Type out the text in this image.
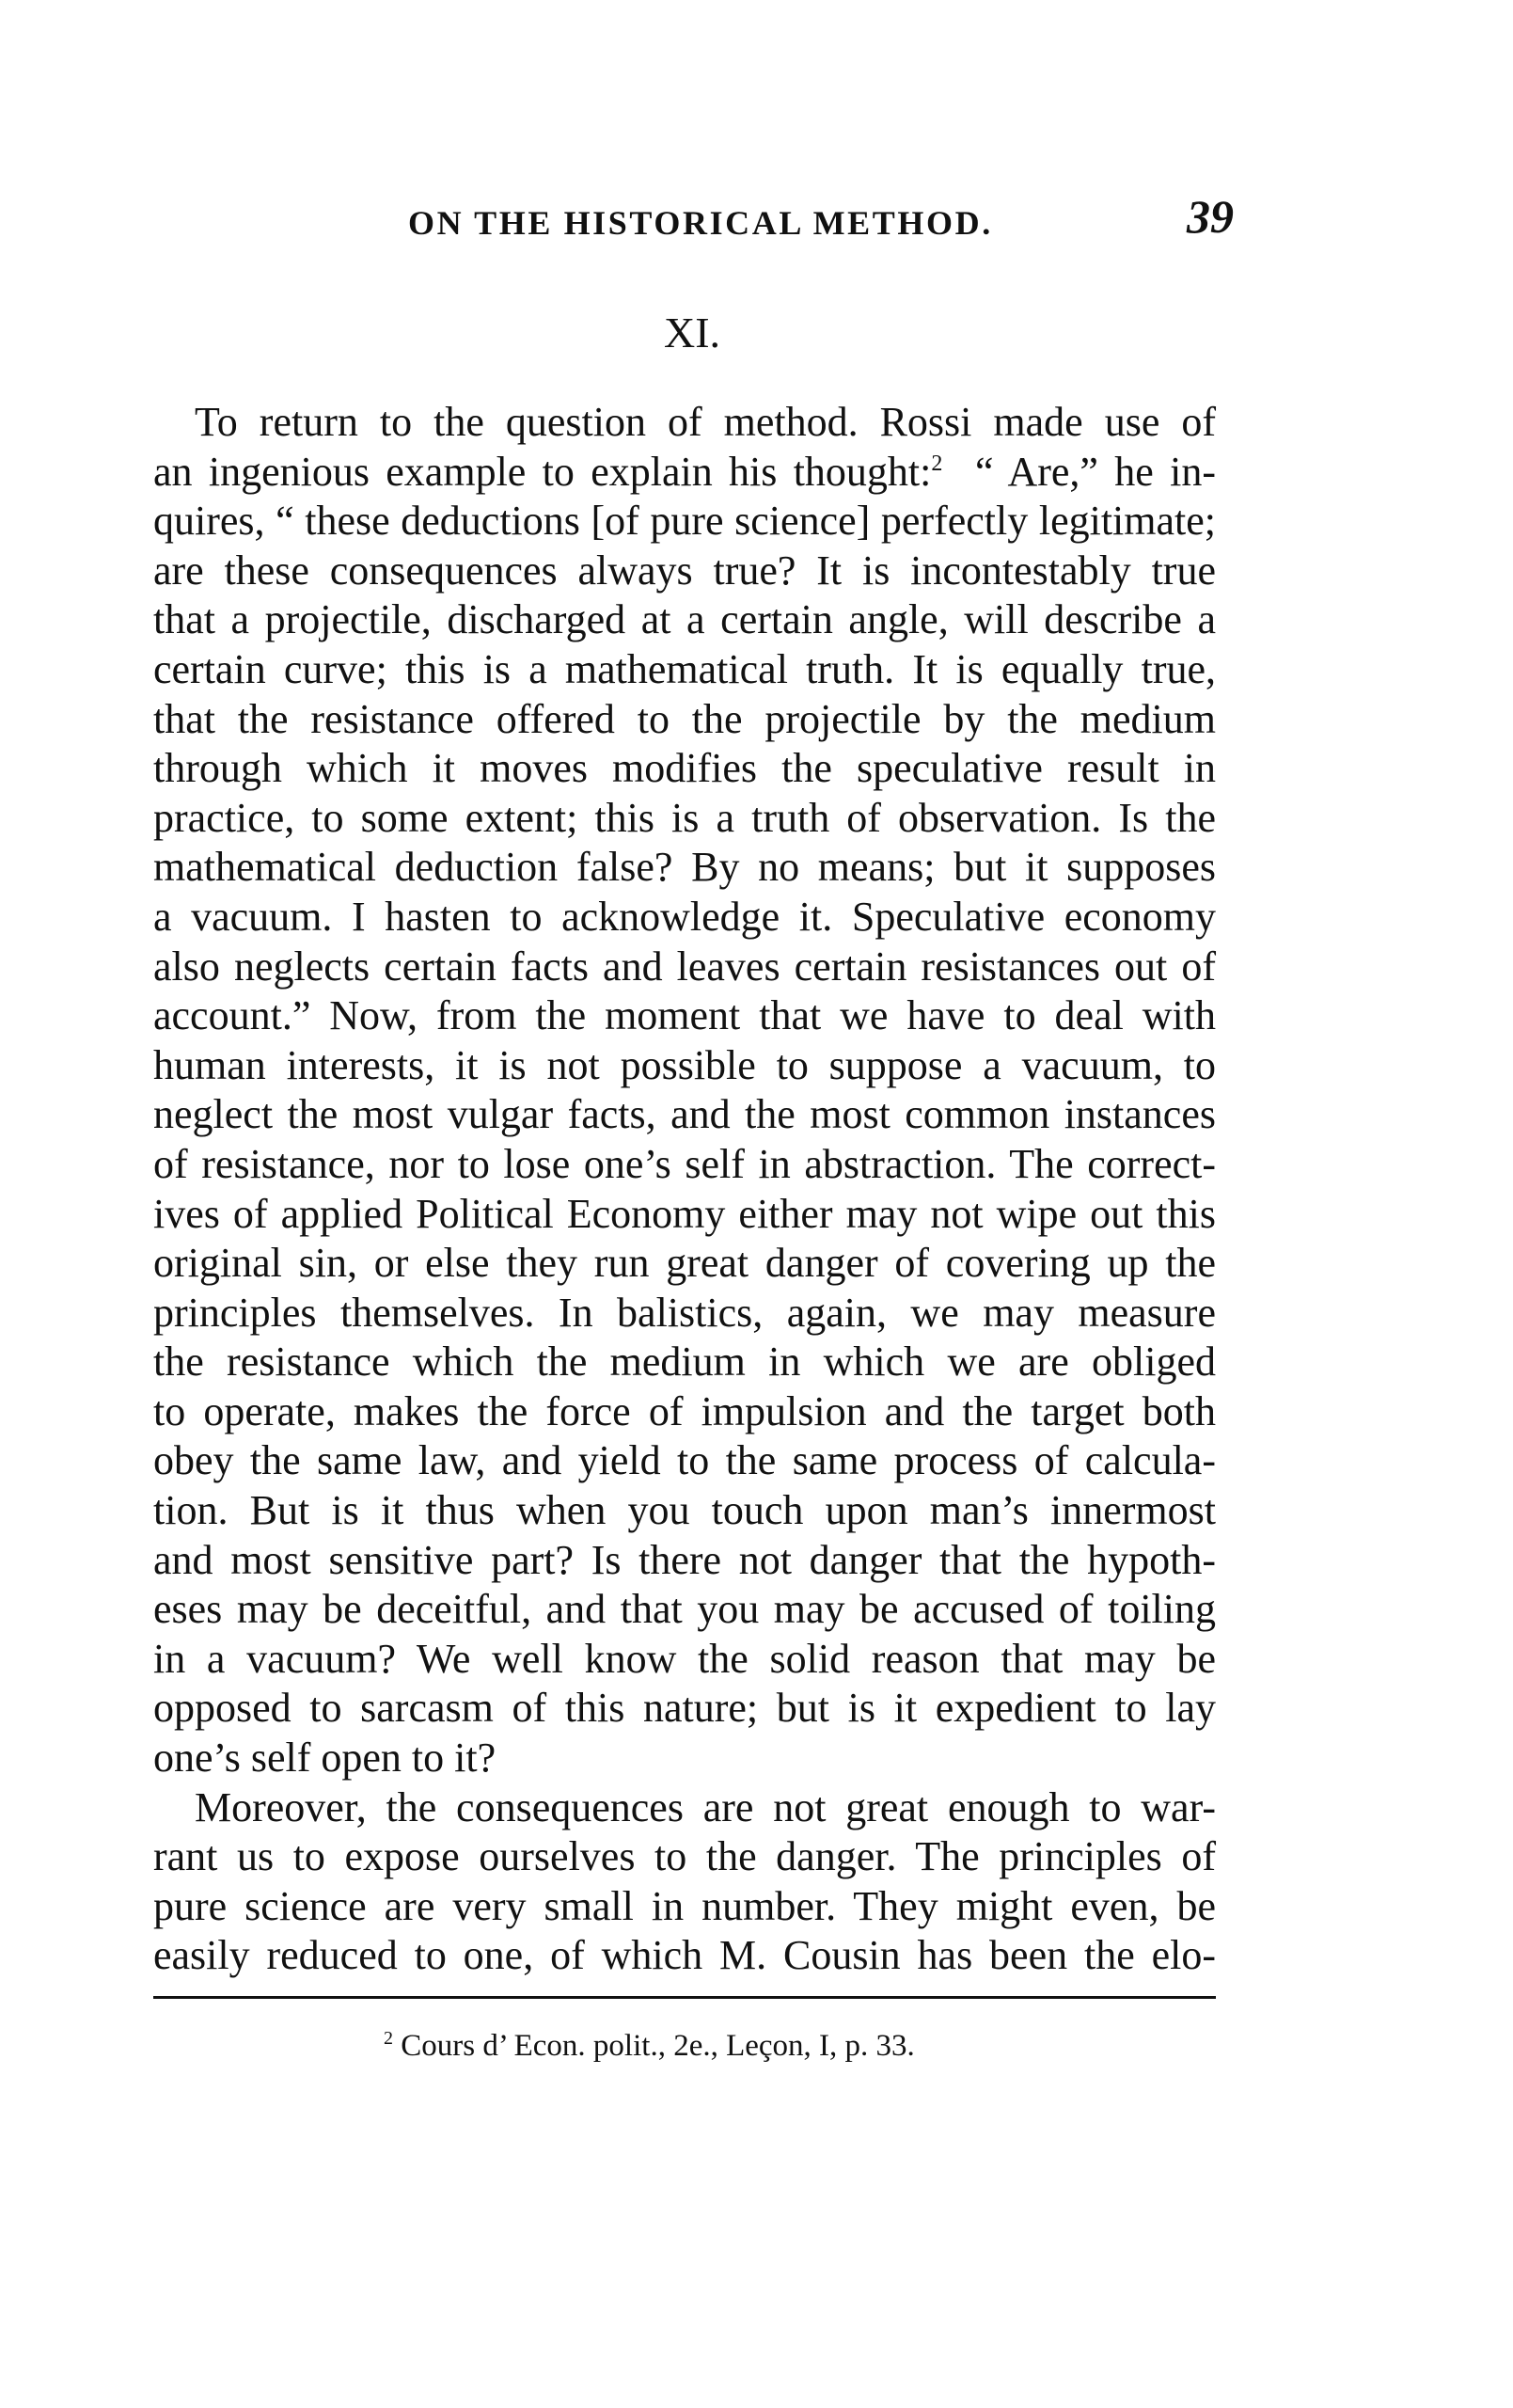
ON THE HISTORICAL METHOD.	39
XI.
To return to the question of method. Rossi made use of
an ingenious example to explain his thought:$^2$  “ Are,” he in-
quires, “ these deductions [of pure science] perfectly legitimate;
are these consequences always true? It is incontestably true
that a projectile, discharged at a certain angle, will describe a
certain curve; this is a mathematical truth. It is equally true,
that the resistance offered to the projectile by the medium
through which it moves modifies the speculative result in
practice, to some extent; this is a truth of observation. Is the
mathematical deduction false? By no means; but it supposes
a vacuum. I hasten to acknowledge it. Speculative economy
also neglects certain facts and leaves certain resistances out of
account.” Now, from the moment that we have to deal with
human interests, it is not possible to suppose a vacuum, to
neglect the most vulgar facts, and the most common instances
of resistance, nor to lose one’s self in abstraction. The correct-
ives of applied Political Economy either may not wipe out this
original sin, or else they run great danger of covering up the
principles themselves. In balistics, again, we may measure
the resistance which the medium in which we are obliged
to operate, makes the force of impulsion and the target both
obey the same law, and yield to the same process of calcula-
tion. But is it thus when you touch upon man’s innermost
and most sensitive part? Is there not danger that the hypoth-
eses may be deceitful, and that you may be accused of toiling
in a vacuum? We well know the solid reason that may be
opposed to sarcasm of this nature; but is it expedient to lay
one’s self open to it?
Moreover, the consequences are not great enough to war-
rant us to expose ourselves to the danger. The principles of
pure science are very small in number. They might even, be
easily reduced to one, of which M. Cousin has been the elo-
$^2$ Cours d’ Econ. polit., 2e., Leçon, I, p. 33.
